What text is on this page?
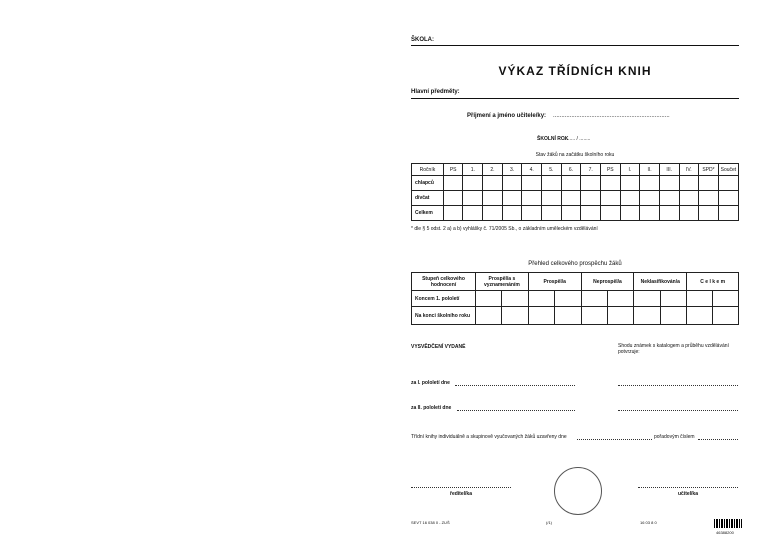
ŠKOLA:
VÝKAZ TŘÍDNÍCH KNIH
Hlavní předměty:
Příjmení a jméno učitele/ky: ......................................................................
ŠKOLNÍ ROK
........ / ........
Stav žáků na začátku školního roku
Ročník	PS	1.	2.	3.	4.	5.	6.	7.	PS	I.	II.	III.	IV.	SPD*	Součet
chlapců															
dívčat															
Celkem															
* dle § 5 odst. 2 a) a b) vyhlášky č. 71/2005 Sb., o základním uměleckém vzdělávání
Přehled celkového prospěchu žáků
Stupeň celkového hodnocení	Prospěl/a s vyznamenáním		Prospěl/a		Neprospěl/a		Neklasifikován/a		C e l k e m	
Koncem 1. pololetí										
Na konci školního roku										
VYSVĚDČENÍ VYDANÉ	Shodu známek s katalogem a průběhu vzdělávání potvrzuje:
za I. pololetí dne
za II. pololetí dne
Třídní knihy individuálně a skupinově vyučovaných žáků uzavřeny dne	pořadovým číslem
ředitel/ka	učitel/ka
SEVT 16 038 0 - ZUŠ	(/1)	16 03 8 0
46388200
